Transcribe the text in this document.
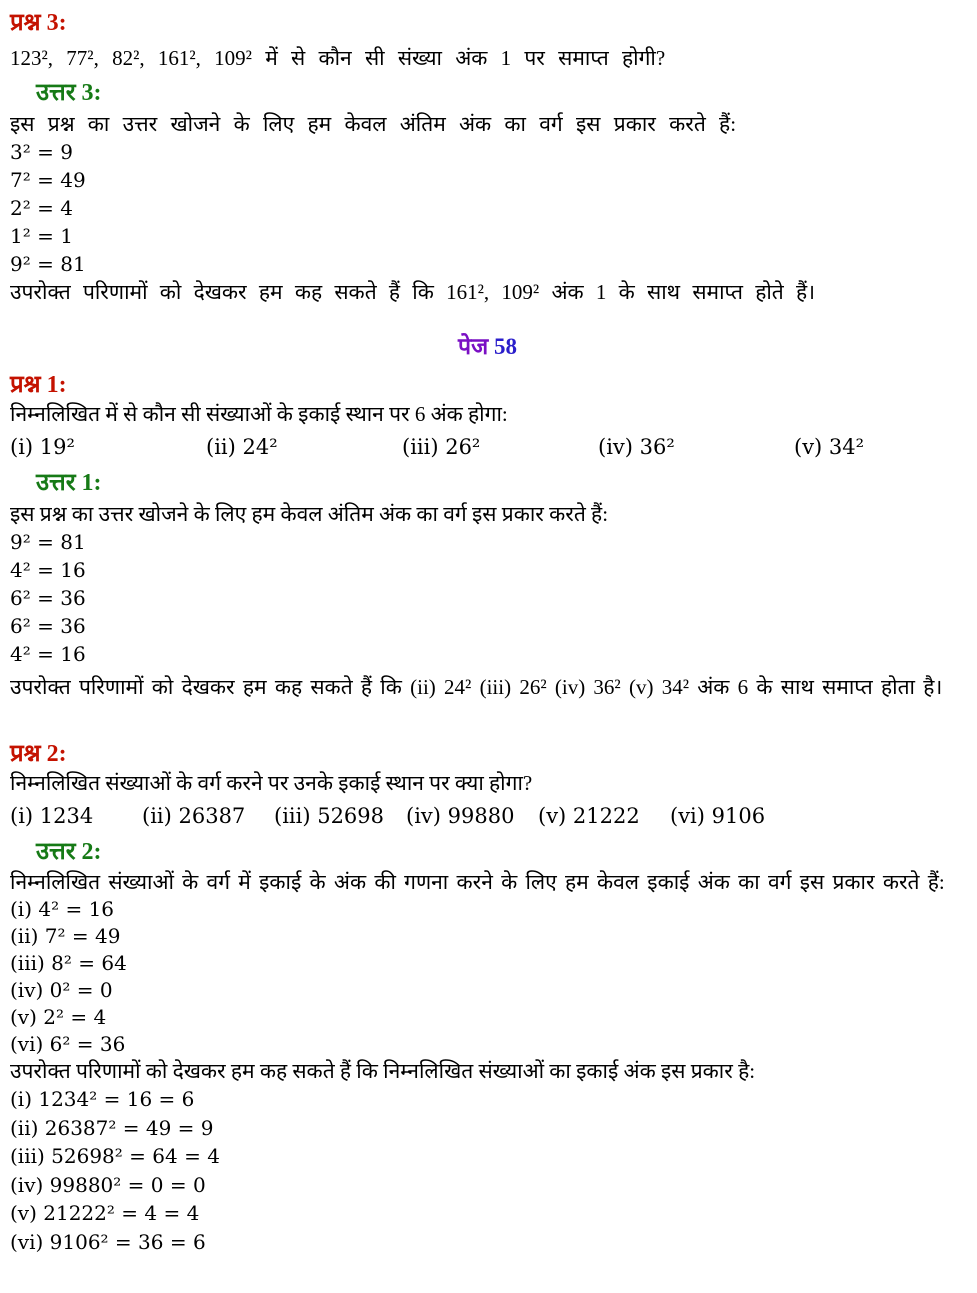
प्रश्न 3:

123², 77², 82², 161², 109² में से कौन सी संख्या अंक 1 पर समाप्त होगी?

उत्तर 3:

इस प्रश्न का उत्तर खोजने के लिए हम केवल अंतिम अंक का वर्ग इस प्रकार करते हैं:

3² = 9
7² = 49
2² = 4
1² = 1
9² = 81

उपरोक्त परिणामों को देखकर हम कह सकते हैं कि 161², 109² अंक 1 के साथ समाप्त होते हैं।

पेज 58
प्रश्न 1:

निम्नलिखित में से कौन सी संख्याओं के इकाई स्थान पर 6 अंक होगा:

(i) 19²	(ii) 24²	(iii) 26²	(iv) 36²	(v) 34²
उत्तर 1:

इस प्रश्न का उत्तर खोजने के लिए हम केवल अंतिम अंक का वर्ग इस प्रकार करते हैं:

9² = 81
4² = 16
6² = 36
6² = 36
4² = 16

उपरोक्त परिणामों को देखकर हम कह सकते हैं कि (ii) 24² (iii) 26² (iv) 36² (v) 34² अंक 6 के साथ समाप्त होता है।

प्रश्न 2:

निम्नलिखित संख्याओं के वर्ग करने पर उनके इकाई स्थान पर क्या होगा?

(i) 1234 (ii) 26387 (iii) 52698 (iv) 99880 (v) 21222 (vi) 9106
उत्तर 2:

निम्नलिखित संख्याओं के वर्ग में इकाई के अंक की गणना करने के लिए हम केवल इकाई अंक का वर्ग इस प्रकार करते हैं:

(i) 4² = 16
(ii) 7² = 49
(iii) 8² = 64
(iv) 0² = 0
(v) 2² = 4
(vi) 6² = 36

उपरोक्त परिणामों को देखकर हम कह सकते हैं कि निम्नलिखित संख्याओं का इकाई अंक इस प्रकार है:

(i) 1234² = 16 = 6
(ii) 26387² = 49 = 9
(iii) 52698² = 64 = 4
(iv) 99880² = 0 = 0
(v) 21222² = 4 = 4
(vi) 9106² = 36 = 6
